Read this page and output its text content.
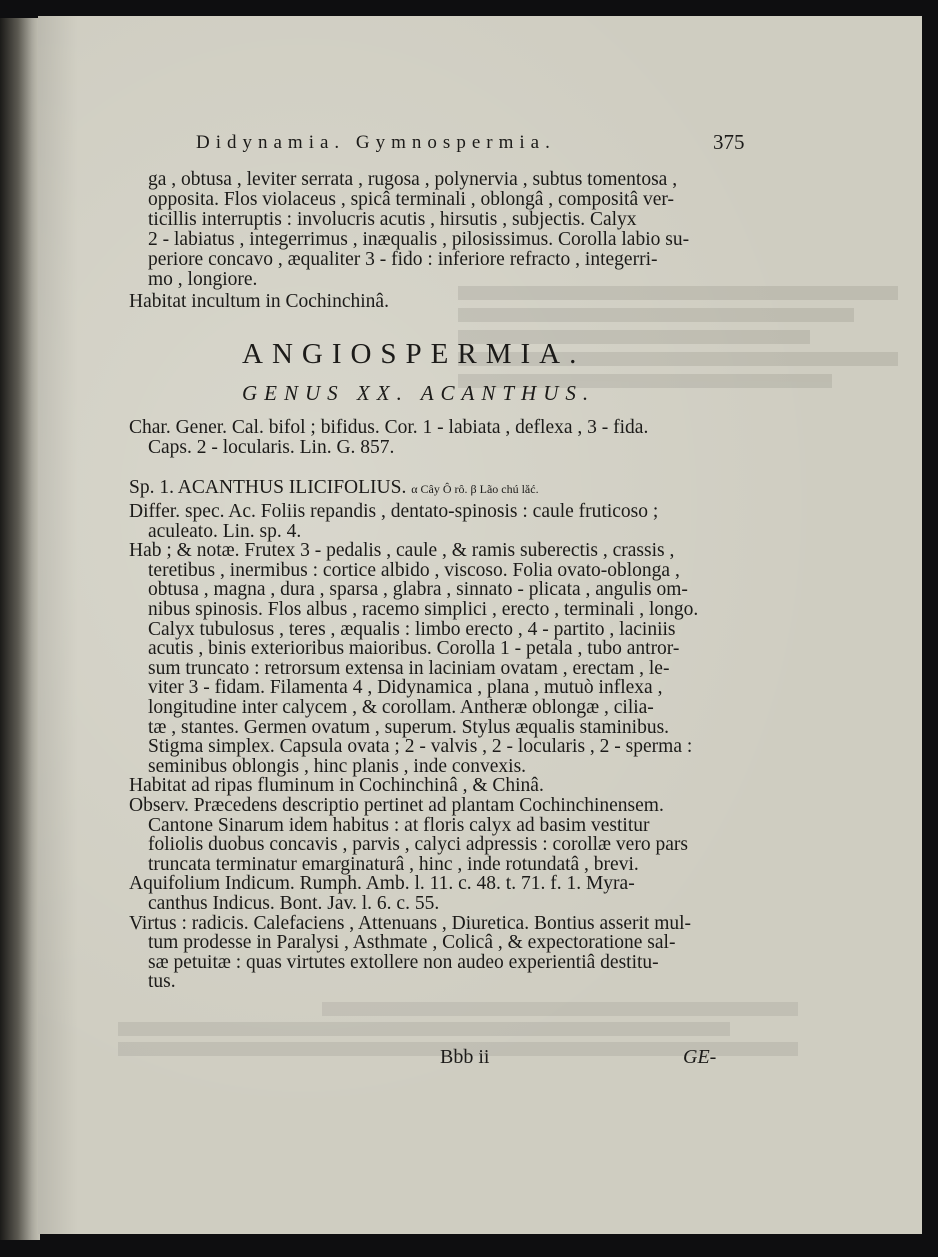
Didynamia. Gymnospermia.	375
ga , obtusa , leviter serrata , rugosa , polynervia , subtus tomentosa ,
opposita. Flos violaceus , spicâ terminali , oblongâ , compositâ ver-
ticillis interruptis : involucris acutis , hirsutis , subjectis. Calyx
2 - labiatus , integerrimus , inæqualis , pilosissimus. Corolla labio su-
periore concavo , æqualiter 3 - fido : inferiore refracto , integerri-
mo , longiore.
Habitat incultum in Cochinchinâ.
ANGIOSPERMIA.
GENUS XX. ACANTHUS.
Char. Gener. Cal. bifol ; bifidus. Cor. 1 - labiata , deflexa , 3 - fida.
Caps. 2 - locularis. Lin. G. 857.
Sp. 1. ACANTHUS ILICIFOLIUS. α Cây Ô rô. β Lão chú lăć.
Differ. spec. Ac. Foliis repandis , dentato-spinosis : caule fruticoso ;
aculeato. Lin. sp. 4.
Hab ; & notæ. Frutex 3 - pedalis , caule , & ramis suberectis , crassis ,
teretibus , inermibus : cortice albido , viscoso. Folia ovato-oblonga ,
obtusa , magna , dura , sparsa , glabra , sinnato - plicata , angulis om-
nibus spinosis. Flos albus , racemo simplici , erecto , terminali , longo.
Calyx tubulosus , teres , æqualis : limbo erecto , 4 - partito , laciniis
acutis , binis exterioribus maioribus. Corolla 1 - petala , tubo antror-
sum truncato : retrorsum extensa in laciniam ovatam , erectam , le-
viter 3 - fidam. Filamenta 4 , Didynamica , plana , mutuò inflexa ,
longitudine inter calycem , & corollam. Antheræ oblongæ , cilia-
tæ , stantes. Germen ovatum , superum. Stylus æqualis staminibus.
Stigma simplex. Capsula ovata ; 2 - valvis , 2 - locularis , 2 - sperma :
seminibus oblongis , hinc planis , inde convexis.
Habitat ad ripas fluminum in Cochinchinâ , & Chinâ.
Observ. Præcedens descriptio pertinet ad plantam Cochinchinensem.
Cantone Sinarum idem habitus : at floris calyx ad basim vestitur
foliolis duobus concavis , parvis , calyci adpressis : corollæ vero pars
truncata terminatur emarginaturâ , hinc , inde rotundatâ , brevi.
Aquifolium Indicum. Rumph. Amb. l. 11. c. 48. t. 71. f. 1. Myra-
canthus Indicus. Bont. Jav. l. 6. c. 55.
Virtus : radicis. Calefaciens , Attenuans , Diuretica. Bontius asserit mul-
tum prodesse in Paralysi , Asthmate , Colicâ , & expectoratione sal-
sæ petuitæ : quas virtutes extollere non audeo experientiâ destitu-
tus.
Bbb ii	GE-
